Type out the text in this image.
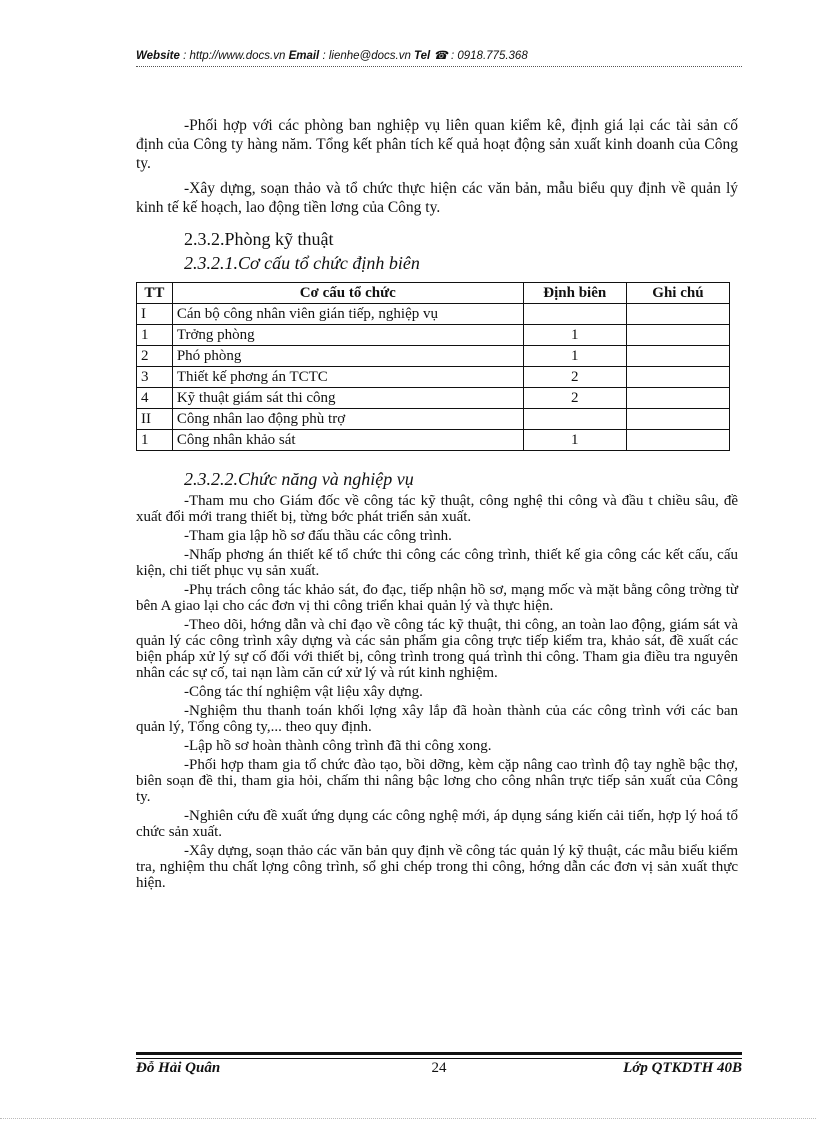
Website : http://www.docs.vn Email : lienhe@docs.vn Tel ☎ : 0918.775.368

-Phối hợp với các phòng ban nghiệp vụ liên quan kiểm kê, định giá lại các tài sản cố định của Công ty hàng năm. Tổng kết phân tích kế quả hoạt động sản xuất kinh doanh của Công ty.

-Xây dựng, soạn thảo và tổ chức thực hiện các văn bản, mẫu biểu quy định về quản lý kinh tế kế hoạch, lao động tiền lơng của Công ty.

2.3.2.Phòng kỹ thuật
2.3.2.1.Cơ cấu tổ chức định biên
TT	Cơ cấu tổ chức	Định biên	Ghi chú
I	Cán bộ công nhân viên gián tiếp, nghiệp vụ		
1	Trởng phòng	1	
2	Phó phòng	1	
3	Thiết kế phơng án TCTC	2	
4	Kỹ thuật giám sát thi công	2	
II	Công nhân lao động phù trợ		
1	Công nhân khảo sát	1	
2.3.2.2.Chức năng và nghiệp vụ

-Tham mu cho Giám đốc về công tác kỹ thuật, công nghệ thi công và đầu t chiều sâu, đề xuất đổi mới trang thiết bị, từng bớc phát triển sản xuất.

-Tham gia lập hồ sơ đấu thầu các công trình.

-Nhấp phơng án thiết kế tổ chức thi công các công trình, thiết kế gia công các kết cấu, cấu kiện, chi tiết phục vụ sản xuất.

-Phụ trách công tác khảo sát, đo đạc, tiếp nhận hồ sơ, mạng mốc và mặt bằng công trờng từ bên A giao lại cho các đơn vị thi công triển khai quản lý và thực hiện.

-Theo dõi, hớng dẫn và chỉ đạo về công tác kỹ thuật, thi công, an toàn lao động, giám sát và quản lý các công trình xây dựng và các sản phẩm gia công trực tiếp kiểm tra, khảo sát, đề xuất các biện pháp xử lý sự cố đối với thiết bị, công trình trong quá trình thi công. Tham gia điều tra nguyên nhân các sự cố, tai nạn làm căn cứ xử lý và rút kinh nghiệm.

-Công tác thí nghiệm vật liệu xây dựng.

-Nghiệm thu thanh toán khối lợng xây lắp đã hoàn thành của các công trình với các ban quản lý, Tổng công ty,... theo quy định.

-Lập hồ sơ hoàn thành công trình đã thi công xong.

-Phối hợp tham gia tổ chức đào tạo, bồi dỡng, kèm cặp nâng cao trình độ tay nghề bậc thợ, biên soạn đề thi, tham gia hỏi, chấm thi nâng bậc lơng cho công nhân trực tiếp sản xuất của Công ty.

-Nghiên cứu đề xuất ứng dụng các công nghệ mới, áp dụng sáng kiến cải tiến, hợp lý hoá tổ chức sản xuất.

-Xây dựng, soạn thảo các văn bản quy định về công tác quản lý kỹ thuật, các mẫu biểu kiểm tra, nghiệm thu chất lợng công trình, sổ ghi chép trong thi công, hớng dẫn các đơn vị sản xuất thực hiện.

Đỗ Hải Quân	24	Lớp QTKDTH 40B
